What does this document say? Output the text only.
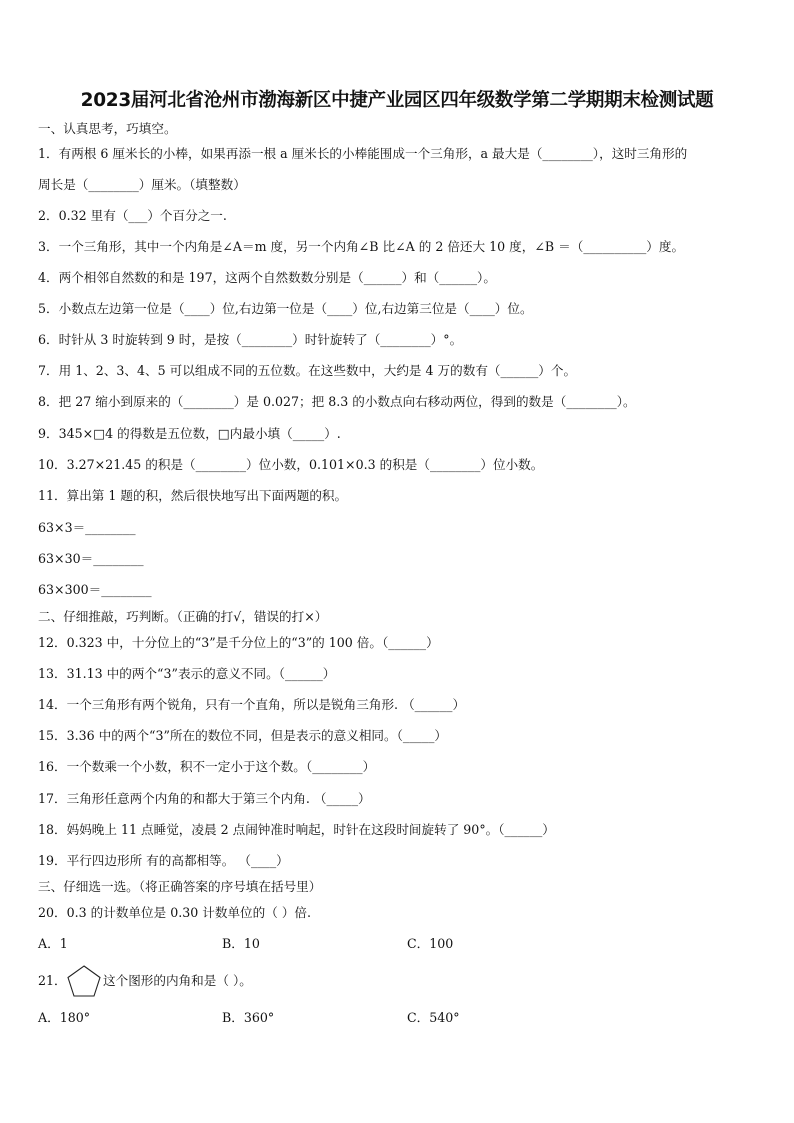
2023届河北省沧州市渤海新区中捷产业园区四年级数学第二学期期末检测试题
一、认真思考，巧填空。
1．有两根 6 厘米长的小棒，如果再添一根 a 厘米长的小棒能围成一个三角形，a 最大是（________），这时三角形的
周长是（________）厘米。（填整数）
2．0.32 里有（___）个百分之一.
3．一个三角形，其中一个内角是∠A＝m 度，另一个内角∠B 比∠A 的 2 倍还大 10 度，∠B ＝（__________）度。
4．两个相邻自然数的和是 197，这两个自然数数分别是（______）和（______）。
5．小数点左边第一位是（____）位,右边第一位是（____）位,右边第三位是（____）位。
6．时针从 3 时旋转到 9 时，是按（________）时针旋转了（________）°。
7．用 1、2、3、4、5 可以组成不同的五位数。在这些数中，大约是 4 万的数有（______）个。
8．把 27 缩小到原来的（________）是 0.027；把 8.3 的小数点向右移动两位，得到的数是（________）。
9．345×□4 的得数是五位数，□内最小填（_____）.
10．3.27×21.45 的积是（________）位小数，0.101×0.3 的积是（________）位小数。
11．算出第 1 题的积，然后很快地写出下面两题的积。
63×3＝________
63×30＝________
63×300＝________
二、仔细推敲，巧判断。（正确的打√，错误的打×）
12．0.323 中，十分位上的“3”是千分位上的“3”的 100 倍。（______）
13．31.13 中的两个“3”表示的意义不同。（______）
14．一个三角形有两个锐角，只有一个直角，所以是锐角三角形. （______）
15．3.36 中的两个“3”所在的数位不同，但是表示的意义相同。（_____）
16．一个数乘一个小数，积不一定小于这个数。（________）
17．三角形任意两个内角的和都大于第三个内角. （_____）
18．妈妈晚上 11 点睡觉，凌晨 2 点闹钟准时响起，时针在这段时间旋转了 90°。（______）
19．平行四边形所 有的高都相等。 （____）
三、仔细选一选。（将正确答案的序号填在括号里）
20．0.3 的计数单位是 0.30 计数单位的（ ）倍.
A．1	B．10	C．100
21．	这个图形的内角和是（ ）。
A．180°	B．360°	C．540°
